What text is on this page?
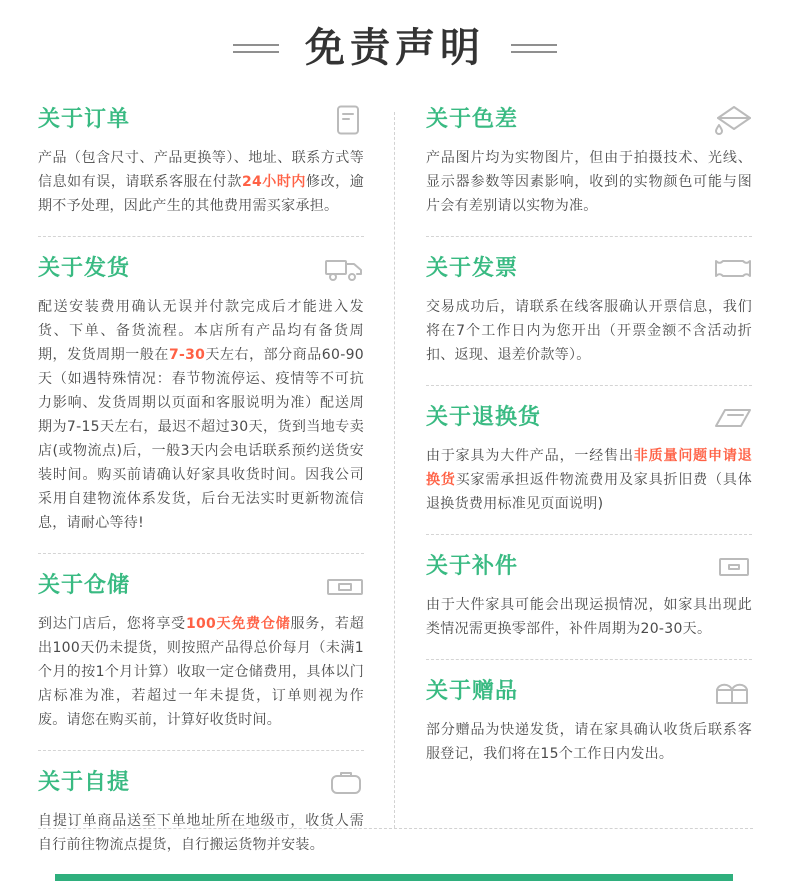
免责声明
关于订单

产品（包含尺寸、产品更换等）、地址、联系方式等信息如有误，请联系客服在付款24小时内修改，逾期不予处理，因此产生的其他费用需买家承担。

关于发货

配送安装费用确认无误并付款完成后才能进入发货、下单、备货流程。本店所有产品均有备货周期，发货周期一般在7-30天左右，部分商品60-90天（如遇特殊情况：春节物流停运、疫情等不可抗力影响、发货周期以页面和客服说明为准）配送周期为7-15天左右，最迟不超过30天，货到当地专卖店(或物流点)后，一般3天内会电话联系预约送货安装时间。购买前请确认好家具收货时间。因我公司采用自建物流体系发货，后台无法实时更新物流信息，请耐心等待!

关于仓储

到达门店后，您将享受100天免费仓储服务，若超出100天仍未提货，则按照产品得总价每月（未满1个月的按1个月计算）收取一定仓储费用，具体以门店标准为准，若超过一年未提货，订单则视为作废。请您在购买前，计算好收货时间。

关于自提

自提订单商品送至下单地址所在地级市，收货人需自行前往物流点提货，自行搬运货物并安装。

关于色差

产品图片均为实物图片，但由于拍摄技术、光线、显示器参数等因素影响，收到的实物颜色可能与图片会有差别请以实物为准。

关于发票

交易成功后，请联系在线客服确认开票信息，我们将在7个工作日内为您开出（开票金额不含活动折扣、返现、退差价款等）。

关于退换货

由于家具为大件产品，一经售出非质量问题申请退换货买家需承担返件物流费用及家具折旧费（具体退换货费用标准见页面说明)

关于补件

由于大件家具可能会出现运损情况，如家具出现此类情况需更换零部件，补件周期为20-30天。

关于赠品

部分赠品为快递发货，请在家具确认收货后联系客服登记，我们将在15个工作日内发出。
